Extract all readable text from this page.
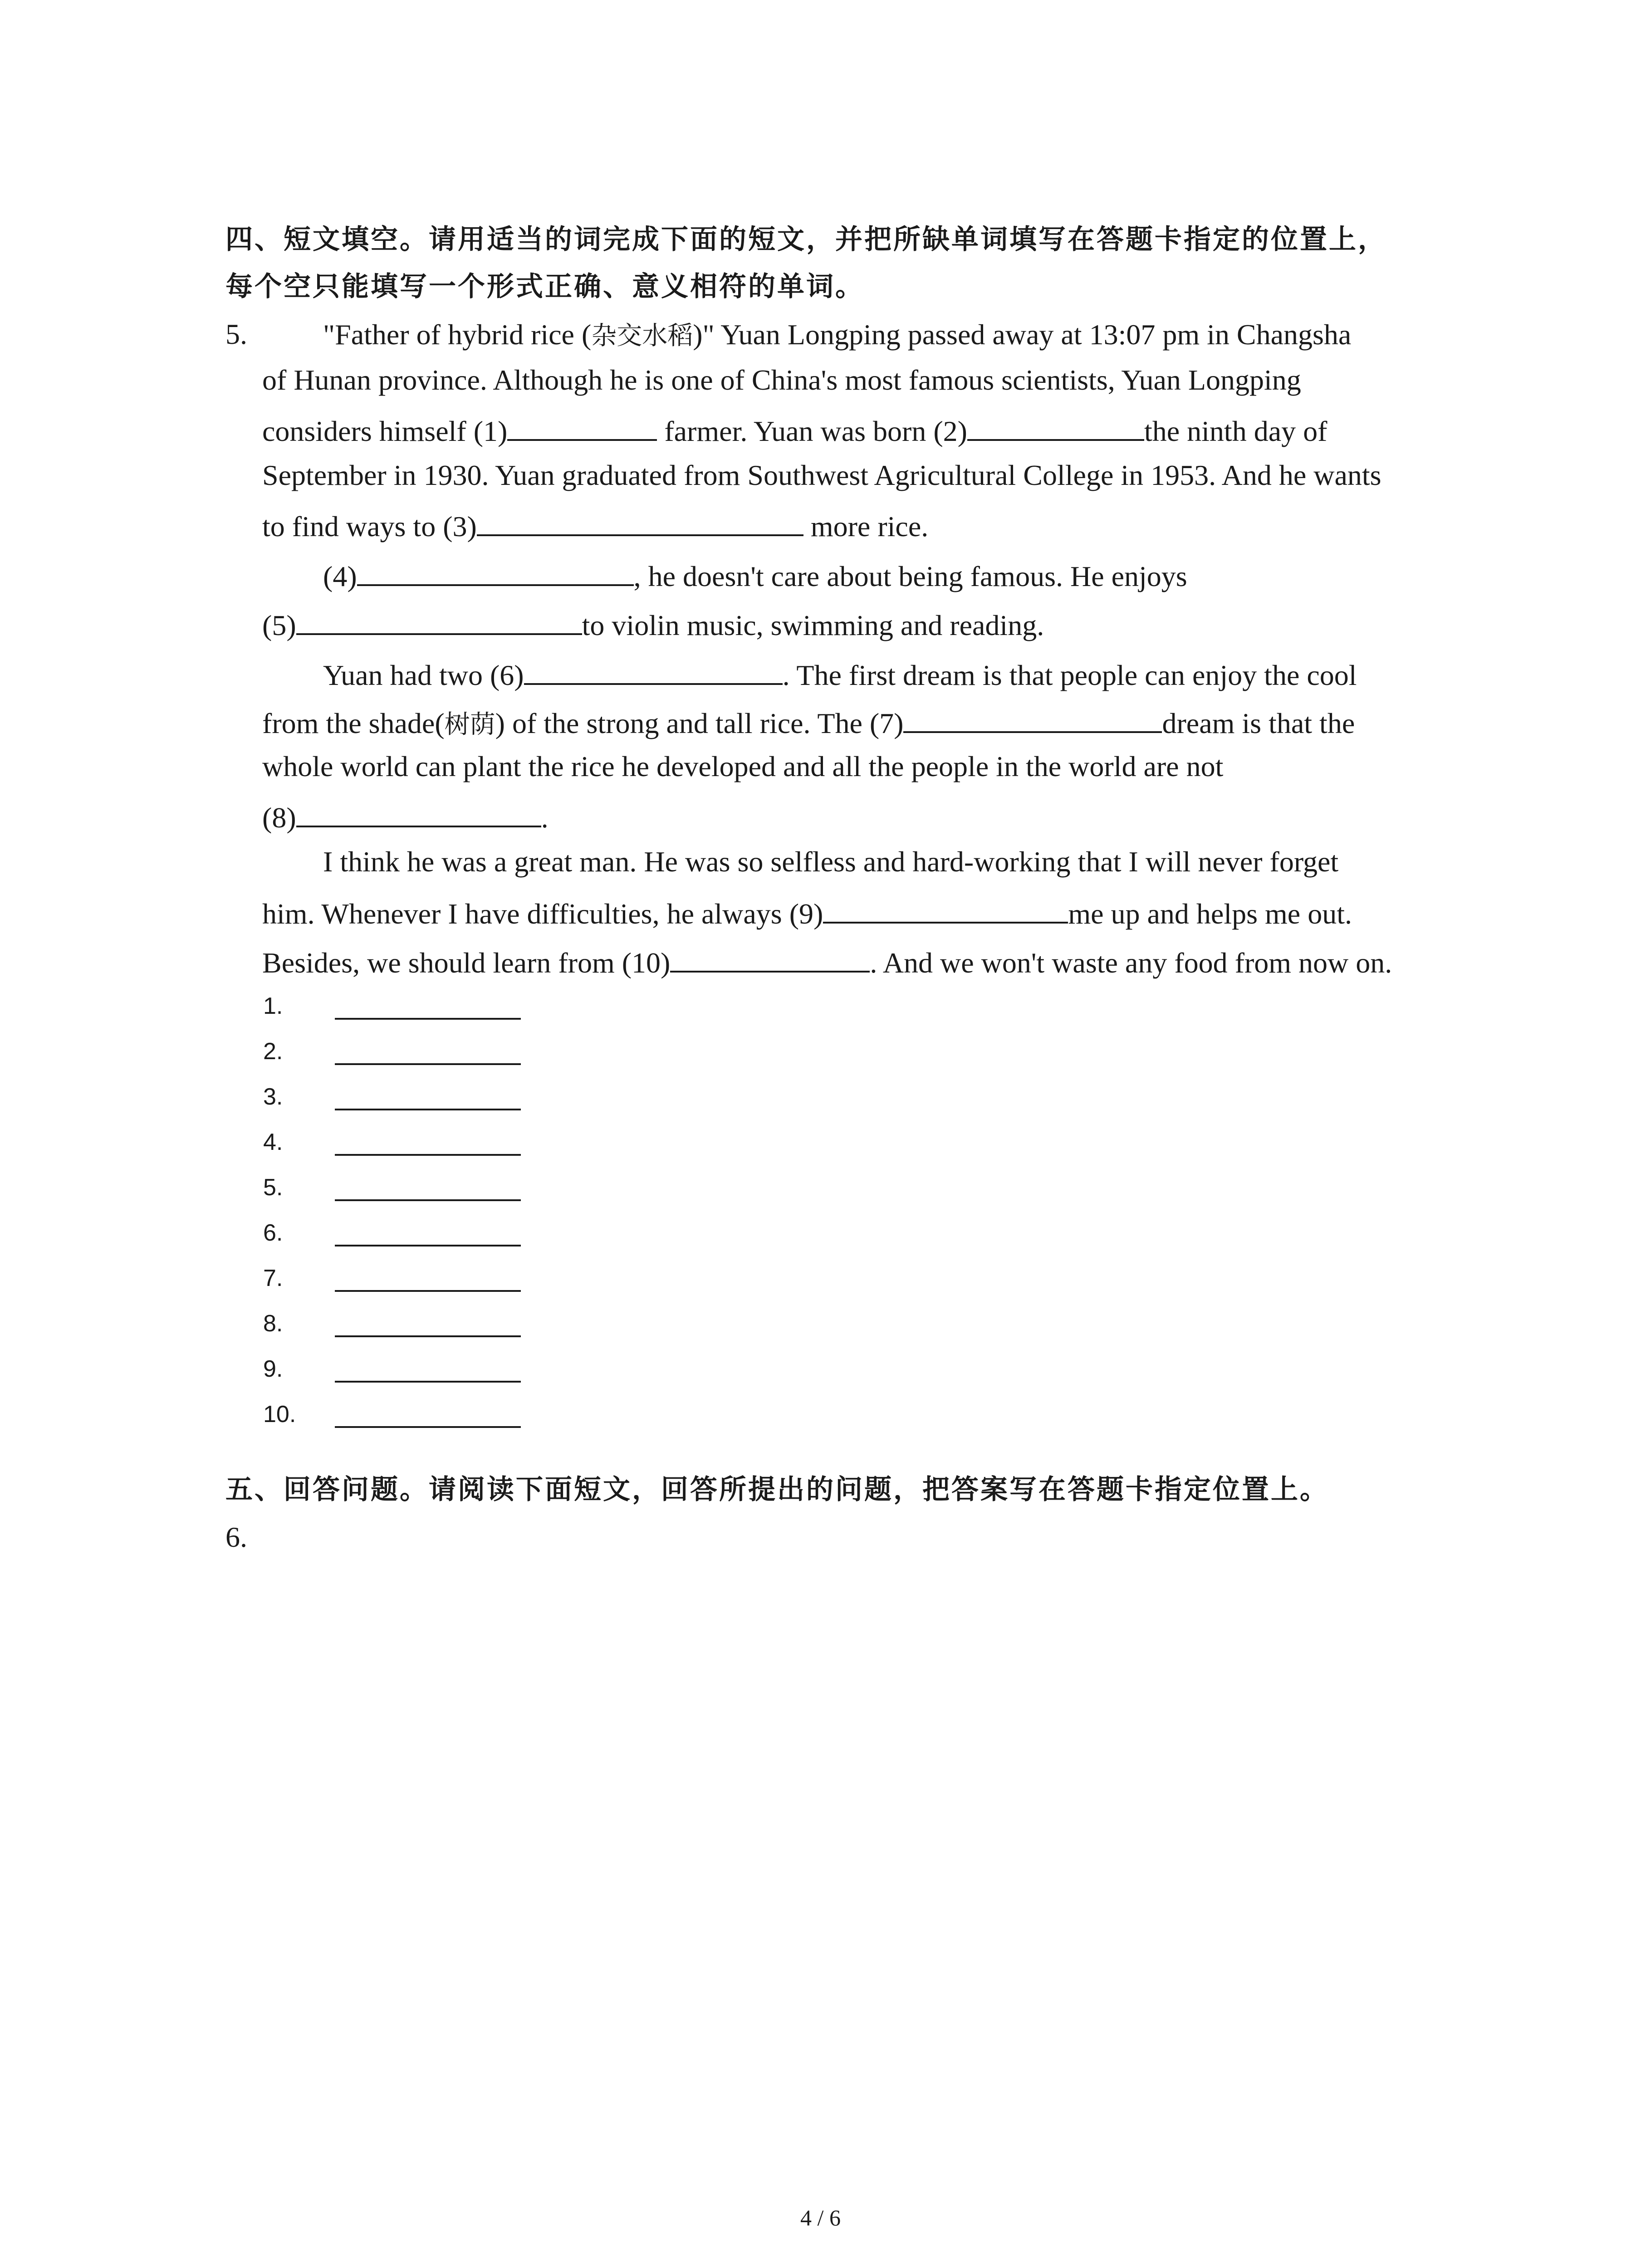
四、短文填空。请用适当的词完成下面的短文，并把所缺单词填写在答题卡指定的位置上，
每个空只能填写一个形式正确、意义相符的单词。
5.	"Father of hybrid rice (杂交水稻)" Yuan Longping passed away at 13:07 pm in Changsha
of Hunan province. Although he is one of China's most famous scientists, Yuan Longping
considers himself (1)	farmer. Yuan was born (2)	the ninth day of
September in 1930. Yuan graduated from Southwest Agricultural College in 1953. And he wants
to find ways to (3)	more rice.
(4)	, he doesn't care about being famous. He enjoys
(5)	to violin music, swimming and reading.
Yuan had two (6)	. The first dream is that people can enjoy the cool
from the shade(树荫) of the strong and tall rice. The (7)	dream is that the
whole world can plant the rice he developed and all the people in the world are not
(8)	.
I think he was a great man. He was so selfless and hard-working that I will never forget
him. Whenever I have difficulties, he always (9)	me up and helps me out.
Besides, we should learn from (10)	. And we won't waste any food from now on.
1.
2.
3.
4.
5.
6.
7.
8.
9.
10.
五、回答问题。请阅读下面短文，回答所提出的问题，把答案写在答题卡指定位置上。
6.
4 / 6
